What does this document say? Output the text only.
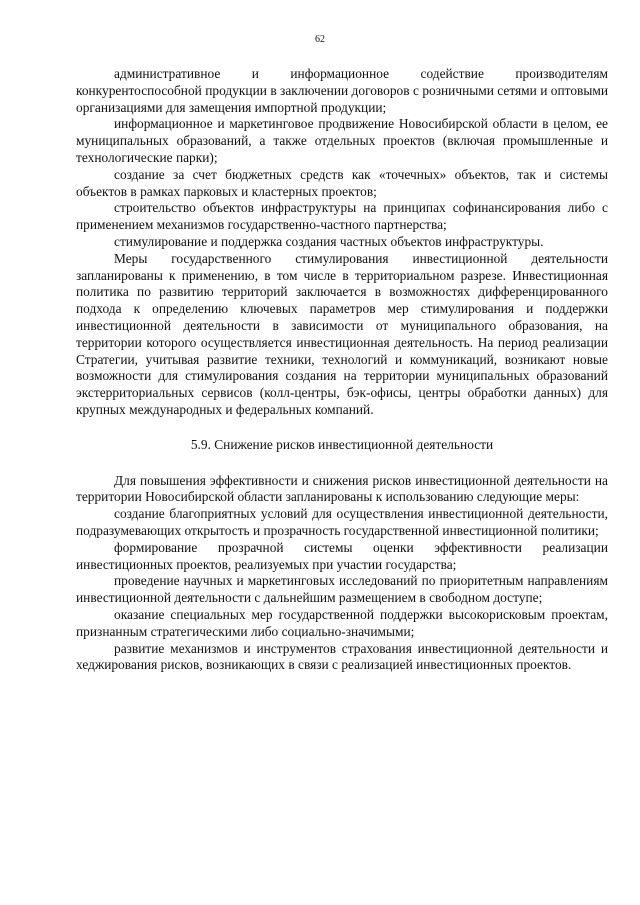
62

административное и информационное содействие производителям конкурентоспособной продукции в заключении договоров с розничными сетями и оптовыми организациями для замещения импортной продукции;

информационное и маркетинговое продвижение Новосибирской области в целом, ее муниципальных образований, а также отдельных проектов (включая промышленные и технологические парки);

создание за счет бюджетных средств как «точечных» объектов, так и системы объектов в рамках парковых и кластерных проектов;

строительство объектов инфраструктуры на принципах софинансирования либо с применением механизмов государственно-частного партнерства;

стимулирование и поддержка создания частных объектов инфраструктуры.

Меры государственного стимулирования инвестиционной деятельности запланированы к применению, в том числе в территориальном разрезе. Инвестиционная политика по развитию территорий заключается в возможностях дифференцированного подхода к определению ключевых параметров мер стимулирования и поддержки инвестиционной деятельности в зависимости от муниципального образования, на территории которого осуществляется инвестиционная деятельность. На период реализации Стратегии, учитывая развитие техники, технологий и коммуникаций, возникают новые возможности для стимулирования создания на территории муниципальных образований экстерриториальных сервисов (колл-центры, бэк-офисы, центры обработки данных) для крупных международных и федеральных компаний.

5.9. Снижение рисков инвестиционной деятельности

Для повышения эффективности и снижения рисков инвестиционной деятельности на территории Новосибирской области запланированы к использованию следующие меры:

создание благоприятных условий для осуществления инвестиционной деятельности, подразумевающих открытость и прозрачность государственной инвестиционной политики;

формирование прозрачной системы оценки эффективности реализации инвестиционных проектов, реализуемых при участии государства;

проведение научных и маркетинговых исследований по приоритетным направлениям инвестиционной деятельности с дальнейшим размещением в свободном доступе;

оказание специальных мер государственной поддержки высокорисковым проектам, признанным стратегическими либо социально-значимыми;

развитие механизмов и инструментов страхования инвестиционной деятельности и хеджирования рисков, возникающих в связи с реализацией инвестиционных проектов.
